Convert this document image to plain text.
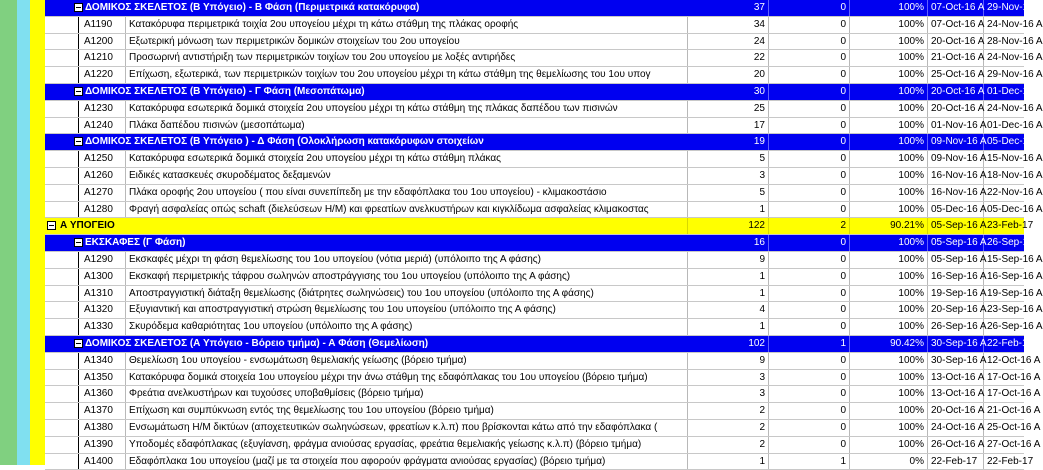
ΔΟΜΙΚΟΣ ΣΚΕΛΕΤΟΣ (Β Υπόγειο) - Β Φάση (Περιμετρικά κατακόρυφα)	37	0	100% 07-Oct-16 A 29-Nov-16 A
A1190	Κατακόρυφα περιμετρικά τοιχία 2ου υπογείου μέχρι τη κάτω στάθμη της πλάκας οροφής	34	0	100% 07-Oct-16 A 24-Nov-16 A
A1200	Εξωτερική μόνωση των περιμετρικών δομικών στοιχείων του 2ου υπογείου	24	0	100% 20-Oct-16 A 28-Nov-16 A
A1210	Προσωρινή αντιστήριξη των περιμετρικών τοιχίων του 2ου υπογείου με λοξές αντιρήδες	22	0	100% 21-Oct-16 A 24-Nov-16 A
A1220	Επίχωση, εξωτερικά, των περιμετρικών τοιχίων του 2ου υπογείου μέχρι τη κάτω στάθμη της θεμελίωσης του 1ου υπογ	20	0	100% 25-Oct-16 A 29-Nov-16 A
ΔΟΜΙΚΟΣ ΣΚΕΛΕΤΟΣ (Β Υπόγειο) - Γ Φάση (Μεσοπάτωμα)	30	0	100% 20-Oct-16 A 01-Dec-16 A
A1230	Κατακόρυφα εσωτερικά δομικά στοιχεία 2ου υπογείου μέχρι τη κάτω στάθμη της πλάκας δαπέδου των πισινών	25	0	100% 20-Oct-16 A 24-Nov-16 A
A1240	Πλάκα δαπέδου πισινών (μεσοπάτωμα)	17	0	100% 01-Nov-16 A 01-Dec-16 A
ΔΟΜΙΚΟΣ ΣΚΕΛΕΤΟΣ (Β Υπόγειο ) - Δ Φάση (Ολοκλήρωση κατακόρυφων στοιχείων	19	0	100% 09-Nov-16 A 05-Dec-16 A
A1250	Κατακόρυφα εσωτερικά δομικά στοιχεία 2ου υπογείου μέχρι τη κάτω στάθμη πλάκας	5	0	100% 09-Nov-16 A 15-Nov-16 A
A1260	Ειδικές κατασκευές σκυροδέματος δεξαμενών	3	0	100% 16-Nov-16 A 18-Nov-16 A
A1270	Πλάκα οροφής 2ου υπογείου ( που είναι συνεπίπεδη με την εδαφόπλακα του 1ου υπογείου) - κλιμακοστάσιο	5	0	100% 16-Nov-16 A 22-Nov-16 A
A1280	Φραγή ασφαλείας οπώς schaft (διελεύσεων Η/Μ) και φρεατίων ανελκυστήρων και κιγκλίδωμα ασφαλείας κλιμακοστας	1	0	100% 05-Dec-16 A 05-Dec-16 A
Α ΥΠΟΓΕΙΟ	122	2	90.21% 05-Sep-16 A 23-Feb-17
ΕΚΣΚΑΦΕΣ (Γ Φάση)	16	0	100% 05-Sep-16 A 26-Sep-16 A
A1290	Εκσκαφές μέχρι τη φάση θεμελίωσης του 1ου υπογείου (νότια μεριά) (υπόλοιπο της Α φάσης)	9	0	100% 05-Sep-16 A 15-Sep-16 A
A1300	Εκσκαφή περιμετρικής τάφρου σωληνών αποστράγγισης του 1ου υπογείου (υπόλοιπο της Α φάσης)	1	0	100% 16-Sep-16 A 16-Sep-16 A
A1310	Αποστραγγιστική διάταξη θεμελίωσης (διάτρητες σωληνώσεις) του 1ου υπογείου (υπόλοιπο της Α φάσης)	1	0	100% 19-Sep-16 A 19-Sep-16 A
A1320	Εξυγιαντική και αποστραγγιστική στρώση θεμελίωσης του 1ου υπογείου (υπόλοιπο της Α φάσης)	4	0	100% 20-Sep-16 A 23-Sep-16 A
A1330	Σκυρόδεμα καθαριότητας 1ου υπογείου (υπόλοιπο της Α φάσης)	1	0	100% 26-Sep-16 A 26-Sep-16 A
ΔΟΜΙΚΟΣ ΣΚΕΛΕΤΟΣ (Α Υπόγειο - Βόρειο τμήμα) - Α Φάση (Θεμελίωση)	102	1	90.42% 30-Sep-16 A 22-Feb-17
A1340	Θεμελίωση 1ου υπογείου - ενσωμάτωση θεμελιακής γείωσης (βόρειο τμήμα)	9	0	100% 30-Sep-16 A 12-Oct-16 A
A1350	Κατακόρυφα δομικά στοιχεία 1ου υπογείου μέχρι την άνω στάθμη της εδαφόπλακας του 1ου υπογείου (βόρειο τμήμα)	3	0	100% 13-Oct-16 A 17-Oct-16 A
A1360	Φρεάτια ανελκυστήρων και τυχούσες υποβαθμίσεις (βόρειο τμήμα)	3	0	100% 13-Oct-16 A 17-Oct-16 A
A1370	Επίχωση και συμπύκνωση εντός της θεμελίωσης του 1ου υπογείου (βόρειο τμήμα)	2	0	100% 20-Oct-16 A 21-Oct-16 A
A1380	Ενσωμάτωση Η/Μ δικτύων (αποχετευτικών σωληνώσεων, φρεατίων κ.λ.π) που βρίσκονται κάτω από την εδαφόπλακα (	2	0	100% 24-Oct-16 A 25-Oct-16 A
A1390	Υποδομές εδαφόπλακας (εξυγίανση, φράγμα ανιούσας εργασίας, φρεάτια θεμελιακής γείωσης κ.λ.π) (βόρειο τμήμα)	2	0	100% 26-Oct-16 A 27-Oct-16 A
A1400	Εδαφόπλακα 1ου υπογείου (μαζί με τα στοιχεία που αφορούν φράγματα ανιούσας εργασίας) (βόρειο τμήμα)	1	1	0% 22-Feb-17 22-Feb-17
